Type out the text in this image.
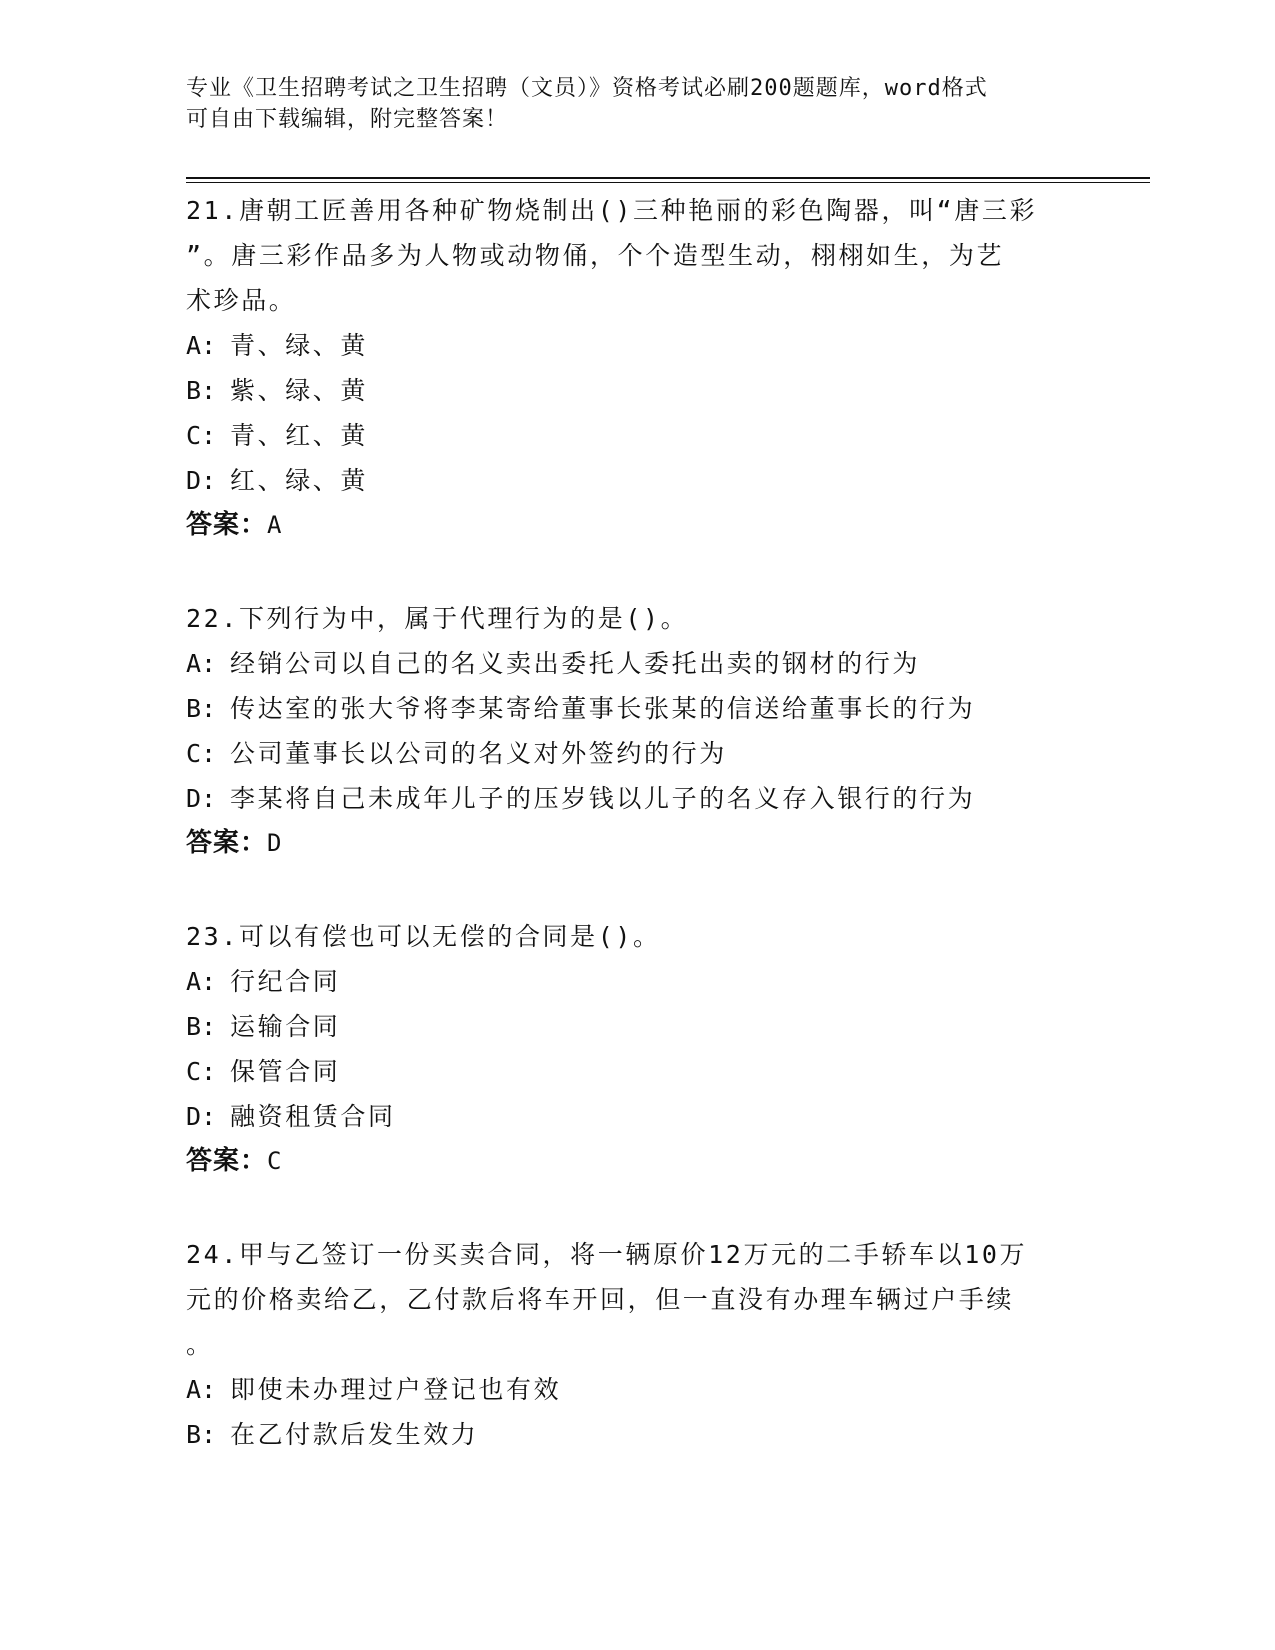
专业《卫生招聘考试之卫生招聘（文员）》资格考试必刷200题题库，word格式
可自由下载编辑，附完整答案！

21.唐朝工匠善用各种矿物烧制出()三种艳丽的彩色陶器，叫“唐三彩

”。唐三彩作品多为人物或动物俑，个个造型生动，栩栩如生，为艺

术珍品。

A: 青、绿、黄

B: 紫、绿、黄

C: 青、红、黄

D: 红、绿、黄

答案：A

22.下列行为中，属于代理行为的是()。

A: 经销公司以自己的名义卖出委托人委托出卖的钢材的行为

B: 传达室的张大爷将李某寄给董事长张某的信送给董事长的行为

C: 公司董事长以公司的名义对外签约的行为

D: 李某将自己未成年儿子的压岁钱以儿子的名义存入银行的行为

答案：D

23.可以有偿也可以无偿的合同是()。

A: 行纪合同

B: 运输合同

C: 保管合同

D: 融资租赁合同

答案：C

24.甲与乙签订一份买卖合同，将一辆原价12万元的二手轿车以10万

元的价格卖给乙，乙付款后将车开回，但一直没有办理车辆过户手续

。

A: 即使未办理过户登记也有效

B: 在乙付款后发生效力
